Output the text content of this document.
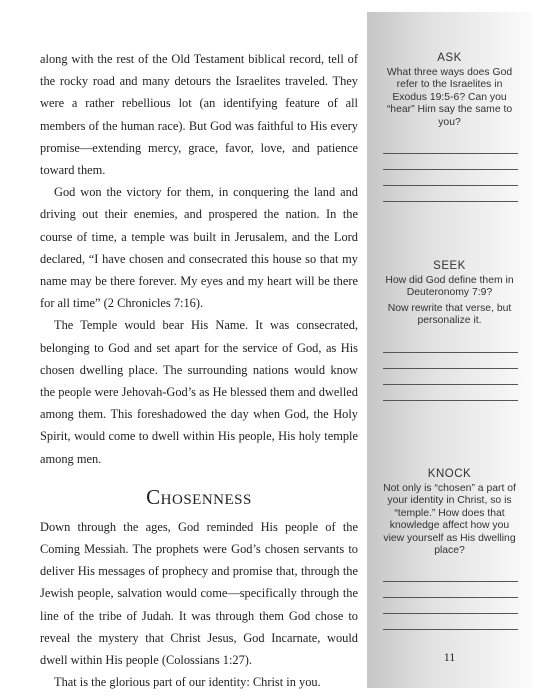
along with the rest of the Old Testament biblical record, tell of the rocky road and many detours the Israelites traveled. They were a rather rebellious lot (an identifying feature of all members of the human race). But God was faithful to His every promise—extending mercy, grace, favor, love, and patience toward them.

God won the victory for them, in conquering the land and driving out their enemies, and prospered the nation. In the course of time, a temple was built in Jerusalem, and the Lord declared, “I have chosen and consecrated this house so that my name may be there forever. My eyes and my heart will be there for all time” (2 Chronicles 7:16).

The Temple would bear His Name. It was consecrated, belonging to God and set apart for the service of God, as His chosen dwelling place. The surrounding nations would know the people were Jehovah-God’s as He blessed them and dwelled among them. This foreshadowed the day when God, the Holy Spirit, would come to dwell within His people, His holy temple among men.

Chosenness

Down through the ages, God reminded His people of the Coming Messiah. The prophets were God’s chosen servants to deliver His messages of prophecy and promise that, through the Jewish people, salvation would come—specifically through the line of the tribe of Judah. It was through them God chose to reveal the mystery that Christ Jesus, God Incarnate, would dwell within His people (Colossians 1:27).

That is the glorious part of our identity: Christ in you.

ASK
What three ways does God refer to the Israelites in Exodus 19:5-6? Can you “hear” Him say the same to you?
SEEK
How did God define them in Deuteronomy 7:9?
Now rewrite that verse, but personalize it.
KNOCK
Not only is “chosen” a part of your identity in Christ, so is “temple.” How does that knowledge affect how you view yourself as His dwelling place?
11
